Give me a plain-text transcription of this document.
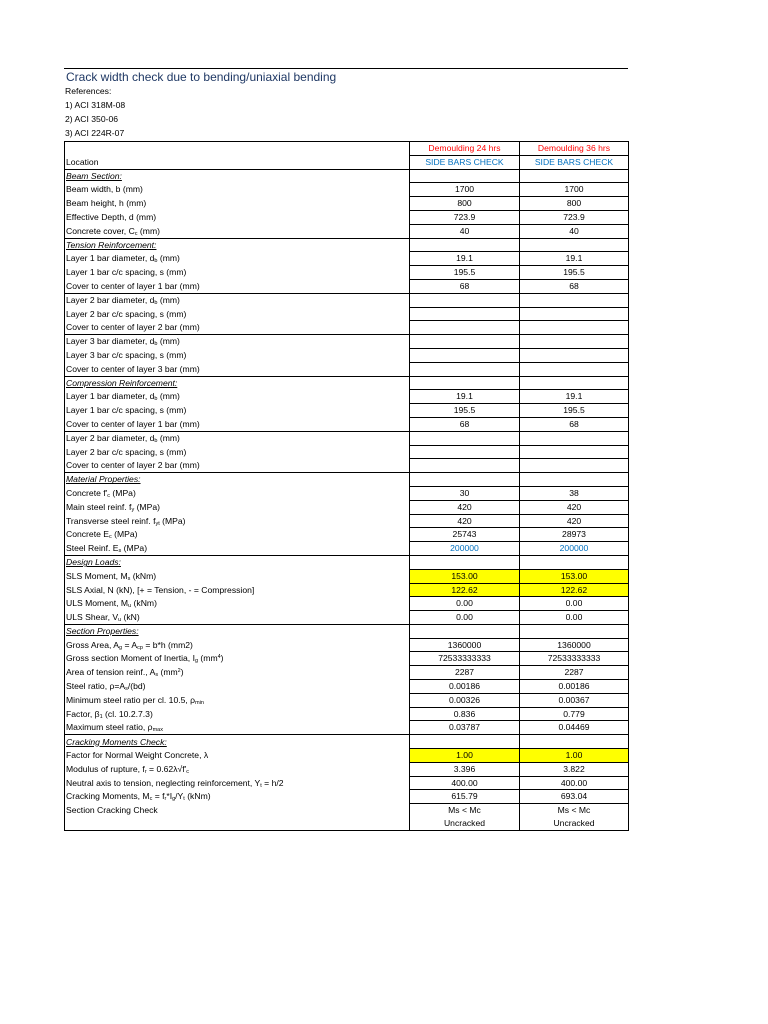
Crack width check due to bending/uniaxial bending
References:
1) ACI 318M-08
2) ACI 350-06
3) ACI 224R-07
	Demoulding 24 hrs	Demoulding 36 hrs
Location	SIDE BARS CHECK	SIDE BARS CHECK
Beam Section:		
Beam width, b (mm)	1700	1700
Beam height, h (mm)	800	800
Effective Depth, d (mm)	723.9	723.9
Concrete cover, $C_c$ (mm)	40	40
Tension Reinforcement:		
Layer 1 bar diameter, $d_b$ (mm)	19.1	19.1
Layer 1 bar c/c spacing, s (mm)	195.5	195.5
Cover to center of layer 1 bar (mm)	68	68
Layer 2 bar diameter, $d_b$ (mm)		
Layer 2 bar c/c spacing, s (mm)		
Cover to center of layer 2 bar (mm)		
Layer 3 bar diameter, $d_b$ (mm)		
Layer 3 bar c/c spacing, s (mm)		
Cover to center of layer 3 bar (mm)		
Compression Reinforcement:		
Layer 1 bar diameter, $d_b$ (mm)	19.1	19.1
Layer 1 bar c/c spacing, s (mm)	195.5	195.5
Cover to center of layer 1 bar (mm)	68	68
Layer 2 bar diameter, $d_b$ (mm)		
Layer 2 bar c/c spacing, s (mm)		
Cover to center of layer 2 bar (mm)		
Material Properties:		
Concrete $f'_c$ (MPa)	30	38
Main steel reinf. $f_y$ (MPa)	420	420
Transverse steel reinf. $f_{yt}$ (MPa)	420	420
Concrete $E_c$ (MPa)	25743	28973
Steel Reinf. $E_s$ (MPa)	200000	200000
Design Loads:		
SLS Moment, $M_s$ (kNm)	153.00	153.00
SLS Axial, N (kN), [+ = Tension, - = Compression]	122.62	122.62
ULS Moment, $M_u$ (kNm)	0.00	0.00
ULS Shear, $V_u$ (kN)	0.00	0.00
Section Properties:		
Gross Area, $A_g = A_{cp} = b*h$ (mm2)	1360000	1360000
Gross section Moment of Inertia, $I_g$ $(mm^4)$	72533333333	72533333333
Area of tension reinf., $A_s$ $(mm^2)$	2287	2287
Steel ratio, $\rho=A_s/(bd)$	0.00186	0.00186
Minimum steel ratio per cl. 10.5, $\rho_{min}$	0.00326	0.00367
Factor, $\beta_1$ (cl. 10.2.7.3)	0.836	0.779
Maximum steel ratio, $\rho_{max}$	0.03787	0.04469
Cracking Moments Check:		
Factor for Normal Weight Concrete, λ	1.00	1.00
Modulus of rupture, $f_r = 0.62\lambda√f'_c$	3.396	3.822
Neutral axis to tension, neglecting reinforcement, $Y_t = h/2$	400.00	400.00
Cracking Moments, $M_c = f_r*I_g/Y_t$ (kNm)	615.79	693.04
Section Cracking Check	Ms < Mc	Ms < Mc
	Uncracked	Uncracked
